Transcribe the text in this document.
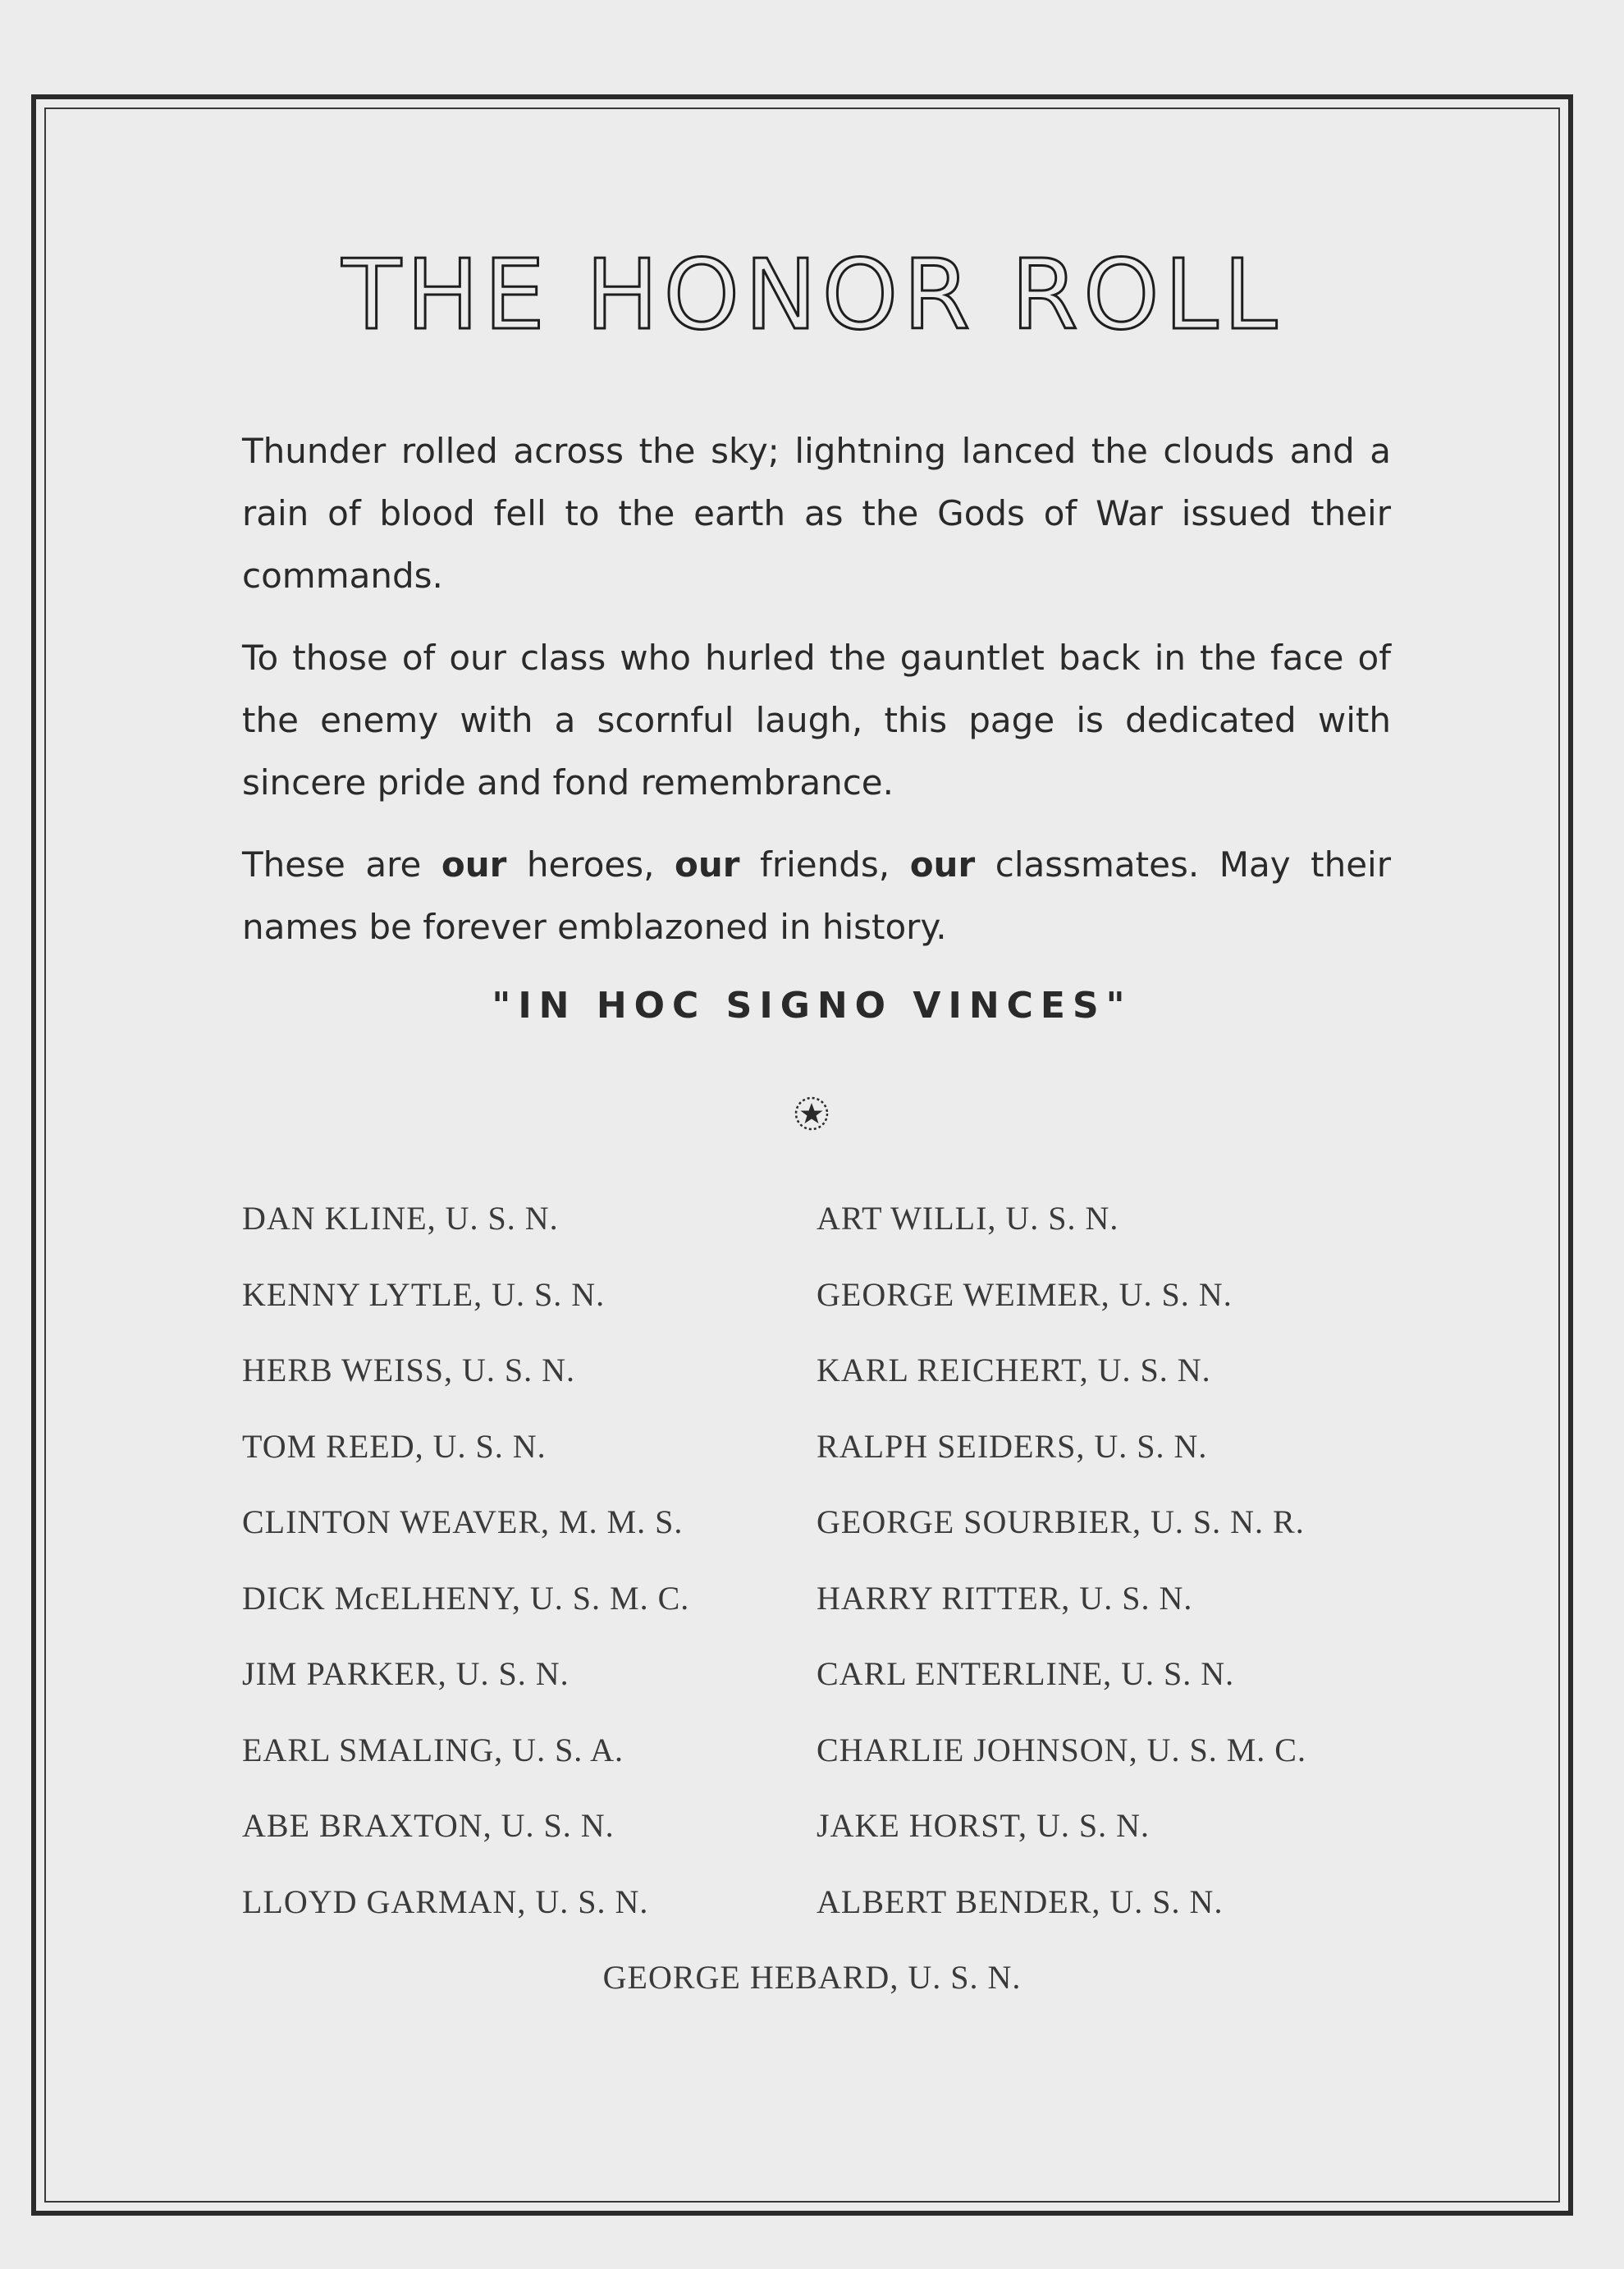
THE HONOR ROLL
Thunder rolled across the sky; lightning lanced the clouds and a rain of blood fell to the earth as the Gods of War issued their commands.
To those of our class who hurled the gauntlet back in the face of the enemy with a scornful laugh, this page is dedicated with sincere pride and fond remembrance.
These are our heroes, our friends, our classmates. May their names be forever emblazoned in history.
"IN HOC SIGNO VINCES"
DAN KLINE, U. S. N.
KENNY LYTLE, U. S. N.
HERB WEISS, U. S. N.
TOM REED, U. S. N.
CLINTON WEAVER, M. M. S.
DICK McELHENY, U. S. M. C.
JIM PARKER, U. S. N.
EARL SMALING, U. S. A.
ABE BRAXTON, U. S. N.
LLOYD GARMAN, U. S. N.
ART WILLI, U. S. N.
GEORGE WEIMER, U. S. N.
KARL REICHERT, U. S. N.
RALPH SEIDERS, U. S. N.
GEORGE SOURBIER, U. S. N. R.
HARRY RITTER, U. S. N.
CARL ENTERLINE, U. S. N.
CHARLIE JOHNSON, U. S. M. C.
JAKE HORST, U. S. N.
ALBERT BENDER, U. S. N.
GEORGE HEBARD, U. S. N.
